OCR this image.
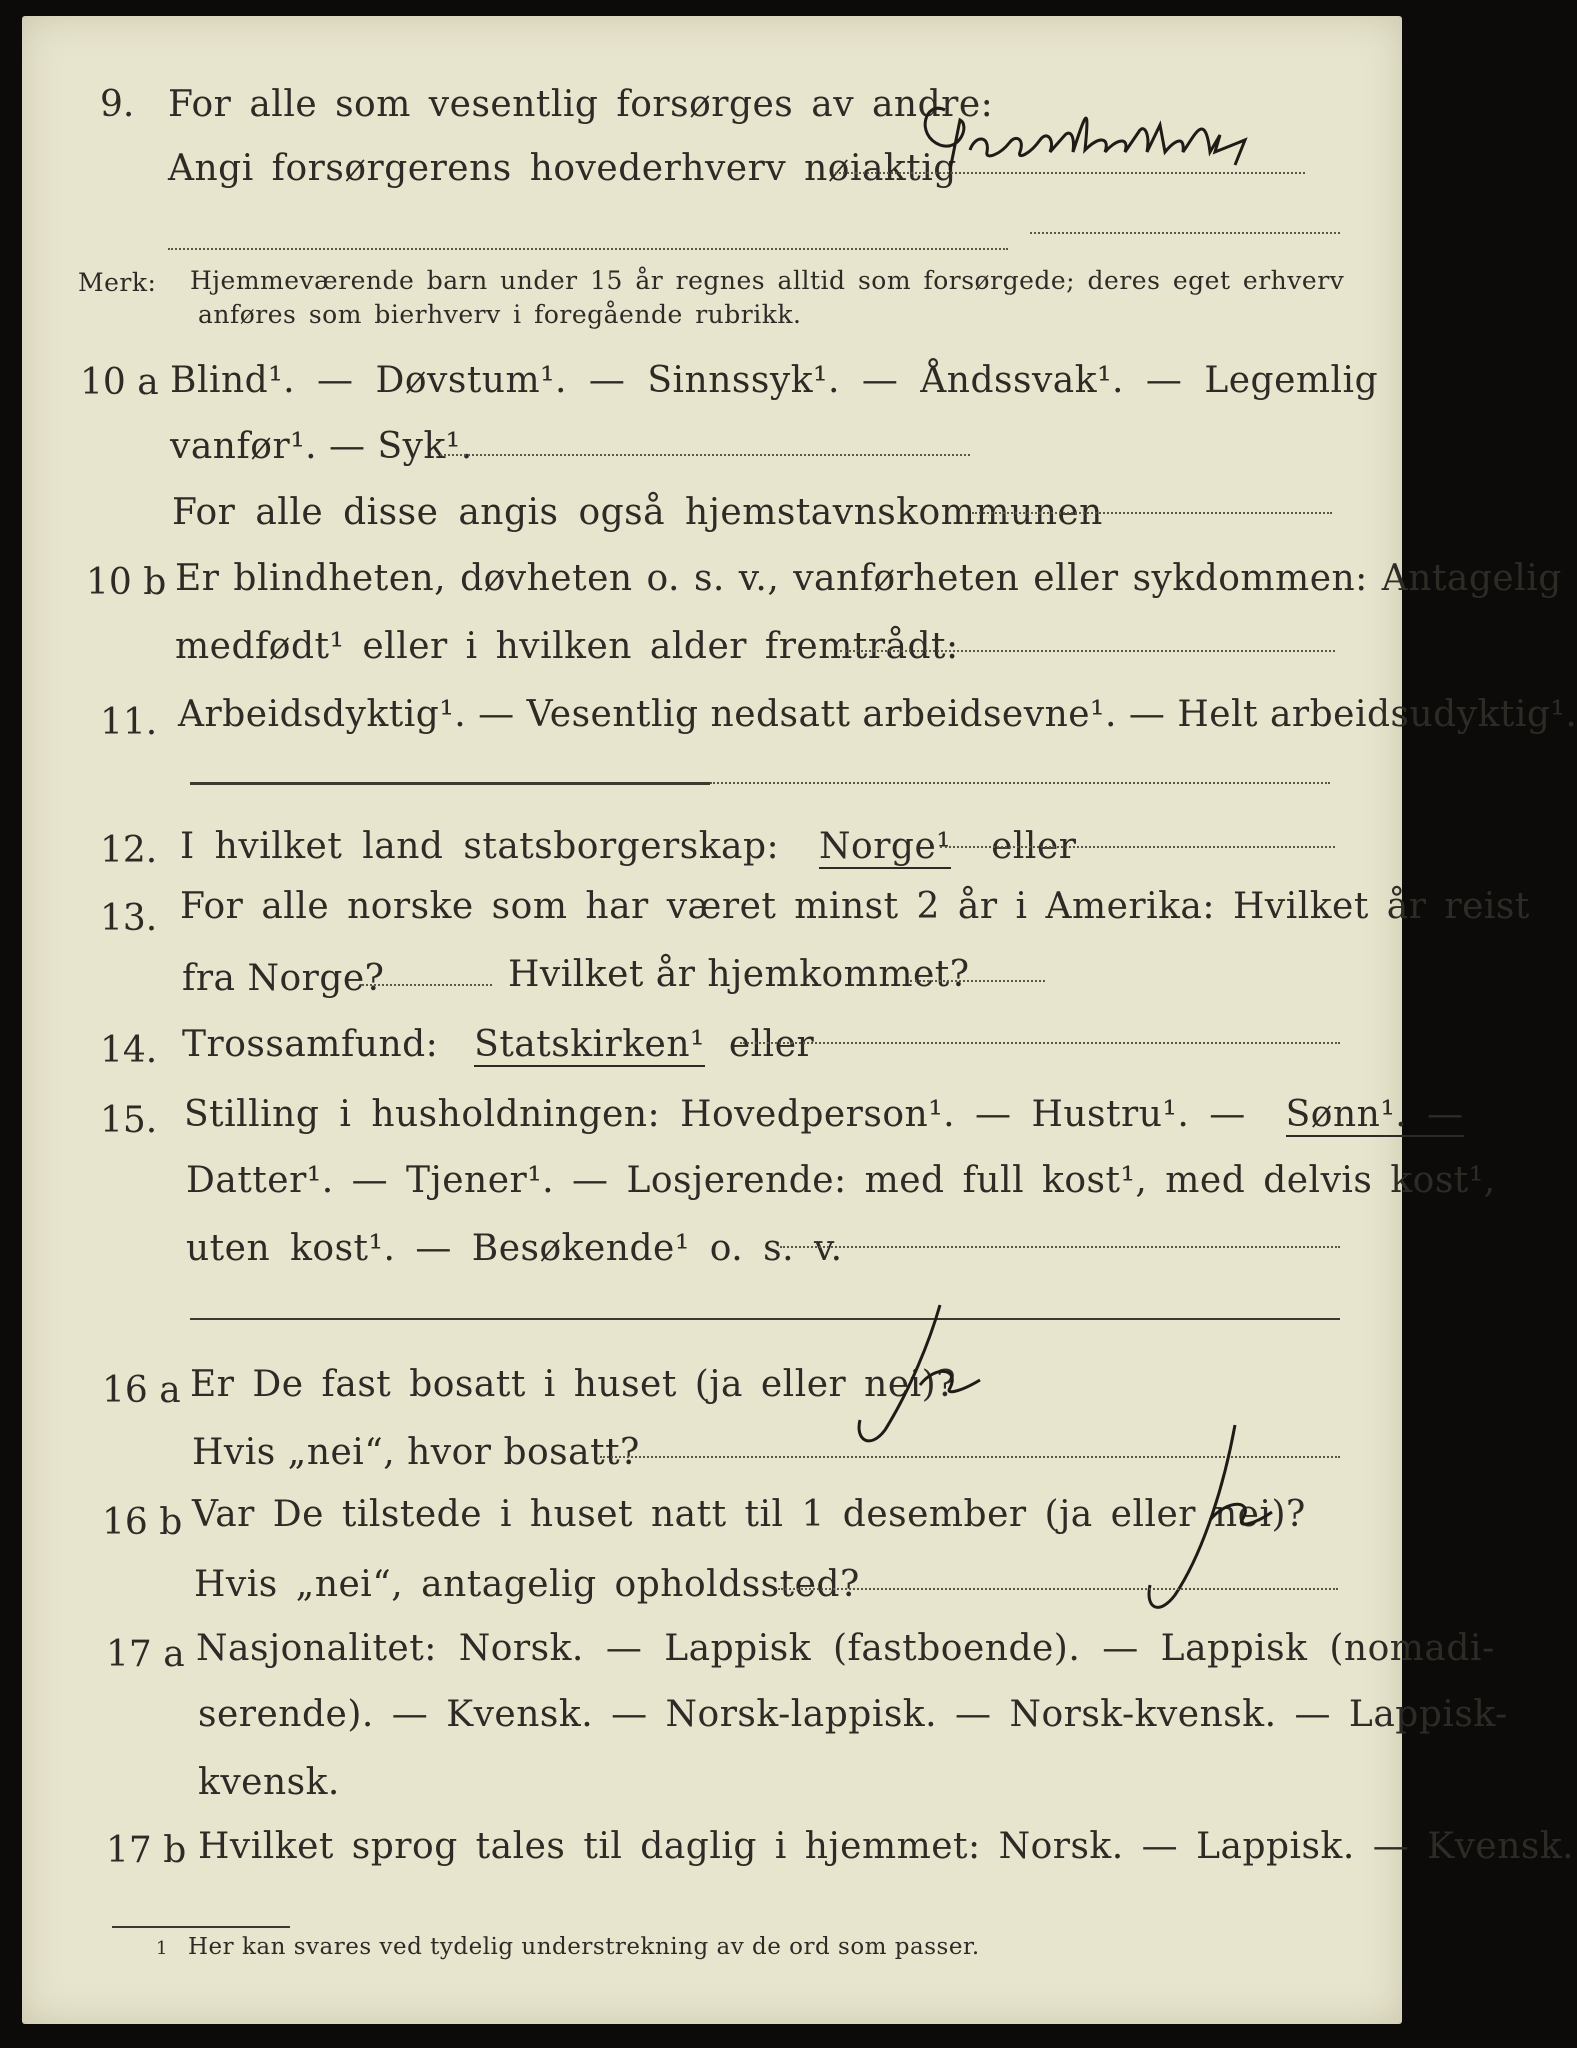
9. For alle som vesentlig forsørges av andre:
Angi forsørgerens hovederhverv nøiaktig
Merk: Hjemmeværende barn under 15 år regnes alltid som forsørgede; deres eget erhverv
anføres som bierhverv i foregående rubrikk.
10 a Blind¹. — Døvstum¹. — Sinnssyk¹. — Åndssvak¹. — Legemlig
vanfør¹. — Syk¹.
For alle disse angis også hjemstavnskommunen
10 b Er blindheten, døvheten o. s. v., vanførheten eller sykdommen: Antagelig
medfødt¹ eller i hvilken alder fremtrådt:
11. Arbeidsdyktig¹. — Vesentlig nedsatt arbeidsevne¹. — Helt arbeidsudyktig¹.
12. I hvilket land statsborgerskap: Norge¹ eller
13. For alle norske som har været minst 2 år i Amerika: Hvilket år reist
fra Norge?	Hvilket år hjemkommet?
14. Trossamfund: Statskirken¹ eller
15. Stilling i husholdningen: Hovedperson¹. — Hustru¹. — Sønn¹. —
Datter¹. — Tjener¹. — Losjerende: med full kost¹, med delvis kost¹,
uten kost¹. — Besøkende¹ o. s. v.
16 a Er De fast bosatt i huset (ja eller nei)?
Hvis „nei“, hvor bosatt?
16 b Var De tilstede i huset natt til 1 desember (ja eller nei)?
Hvis „nei“, antagelig opholdssted?
17 a Nasjonalitet: Norsk. — Lappisk (fastboende). — Lappisk (nomadi-
serende). — Kvensk. — Norsk-lappisk. — Norsk-kvensk. — Lappisk-
kvensk.
17 b Hvilket sprog tales til daglig i hjemmet: Norsk. — Lappisk. — Kvensk.
1 Her kan svares ved tydelig understrekning av de ord som passer.
